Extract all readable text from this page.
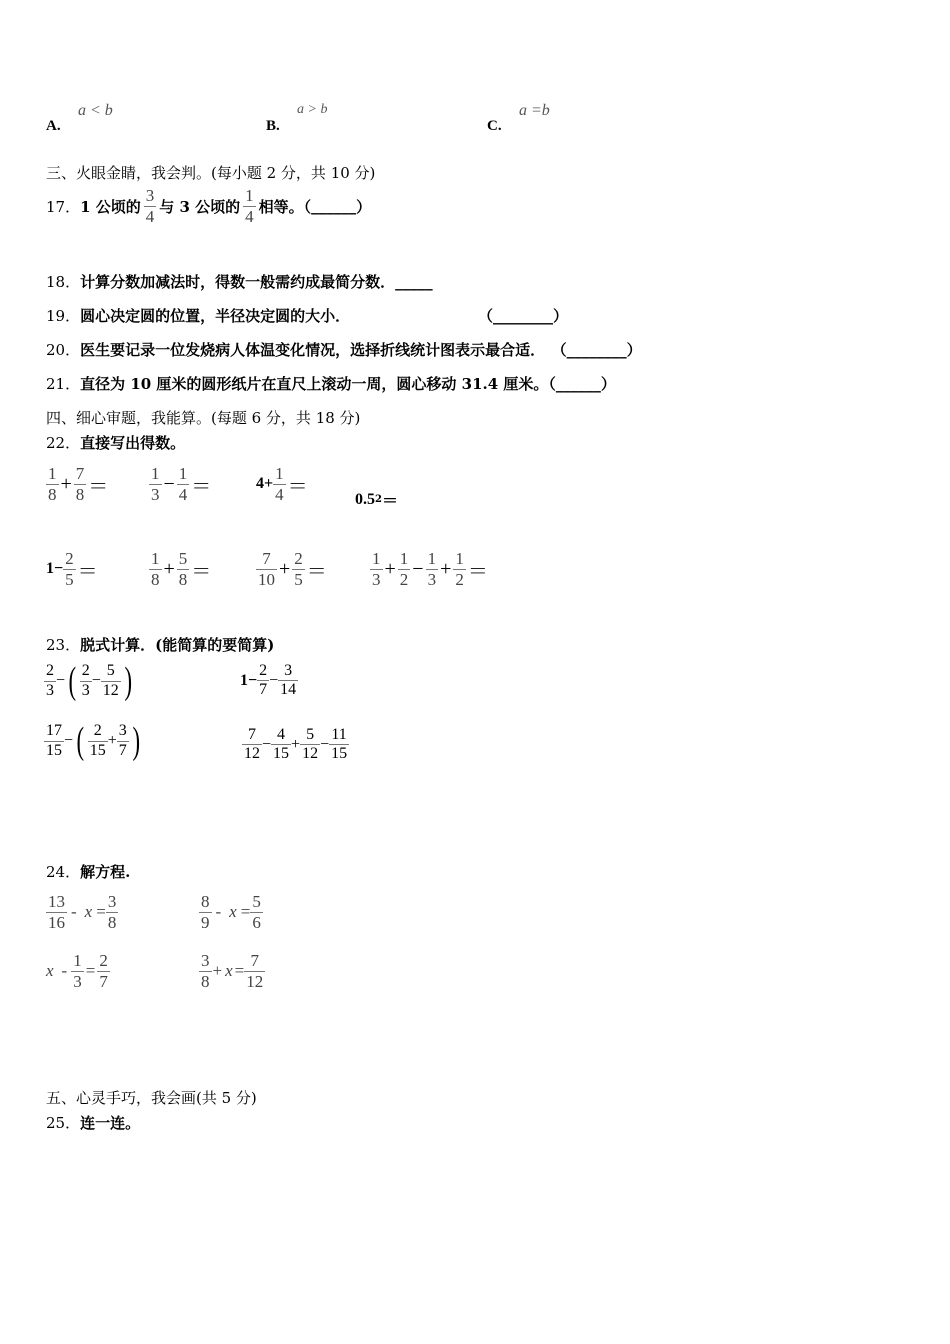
A.
a < b
B.
a > b
C.
a =b
三、火眼金睛，我会判。(每小题 2 分，共 10 分)
17． 1 公顷的 $\frac{3}{4}$ 与 3 公顷的 $\frac{1}{4}$ 相等。（ ______ ）
18．计算分数加减法时，得数一般需约成最简分数．_____
19．圆心决定圆的位置，半径决定圆的大小．	（________）
20．医生要记录一位发烧病人体温变化情况，选择折线统计图表示最合适． （________）
21．直径为 10 厘米的圆形纸片在直尺上滚动一周，圆心移动 31.4 厘米。（______）
四、细心审题，我能算。(每题 6 分，共 18 分)
22．直接写出得数。
$\frac{1}{8} + \frac{7}{8} = \frac{1}{3} - \frac{1}{4}$ ＝	$4+ \frac{1}{4}$ ＝
0.5 2 ＝
$1- \frac{2}{5}$ ＝	$\frac{1}{8} + \frac{5}{8}$ ＝	$\frac{7}{10} + \frac{2}{5}$ ＝	$\frac{1}{3} + \frac{1}{2} - \frac{1}{3} + \frac{1}{2}$ ＝
23．脱式计算．(能简算的要简算)
$\frac{2}{3}$ − ( $\frac{2}{3} - \frac{5}{12}$ )	$1- \frac{2}{7} - \frac{3}{14}$
$\frac{17}{15}$ − ( $\frac{2}{15} + \frac{3}{7}$ )	$\frac{7}{12} - \frac{4}{15} + \frac{5}{12} - \frac{11}{15}$
24．解方程.
$\frac{13}{16} - x = \frac{3}{8}$	$\frac{8}{9} - x = \frac{5}{6}$
$x - \frac{1}{3} = \frac{2}{7}$	$\frac{3}{8} + x = \frac{7}{12}$
五、心灵手巧，我会画(共 5 分)
25．连一连。
